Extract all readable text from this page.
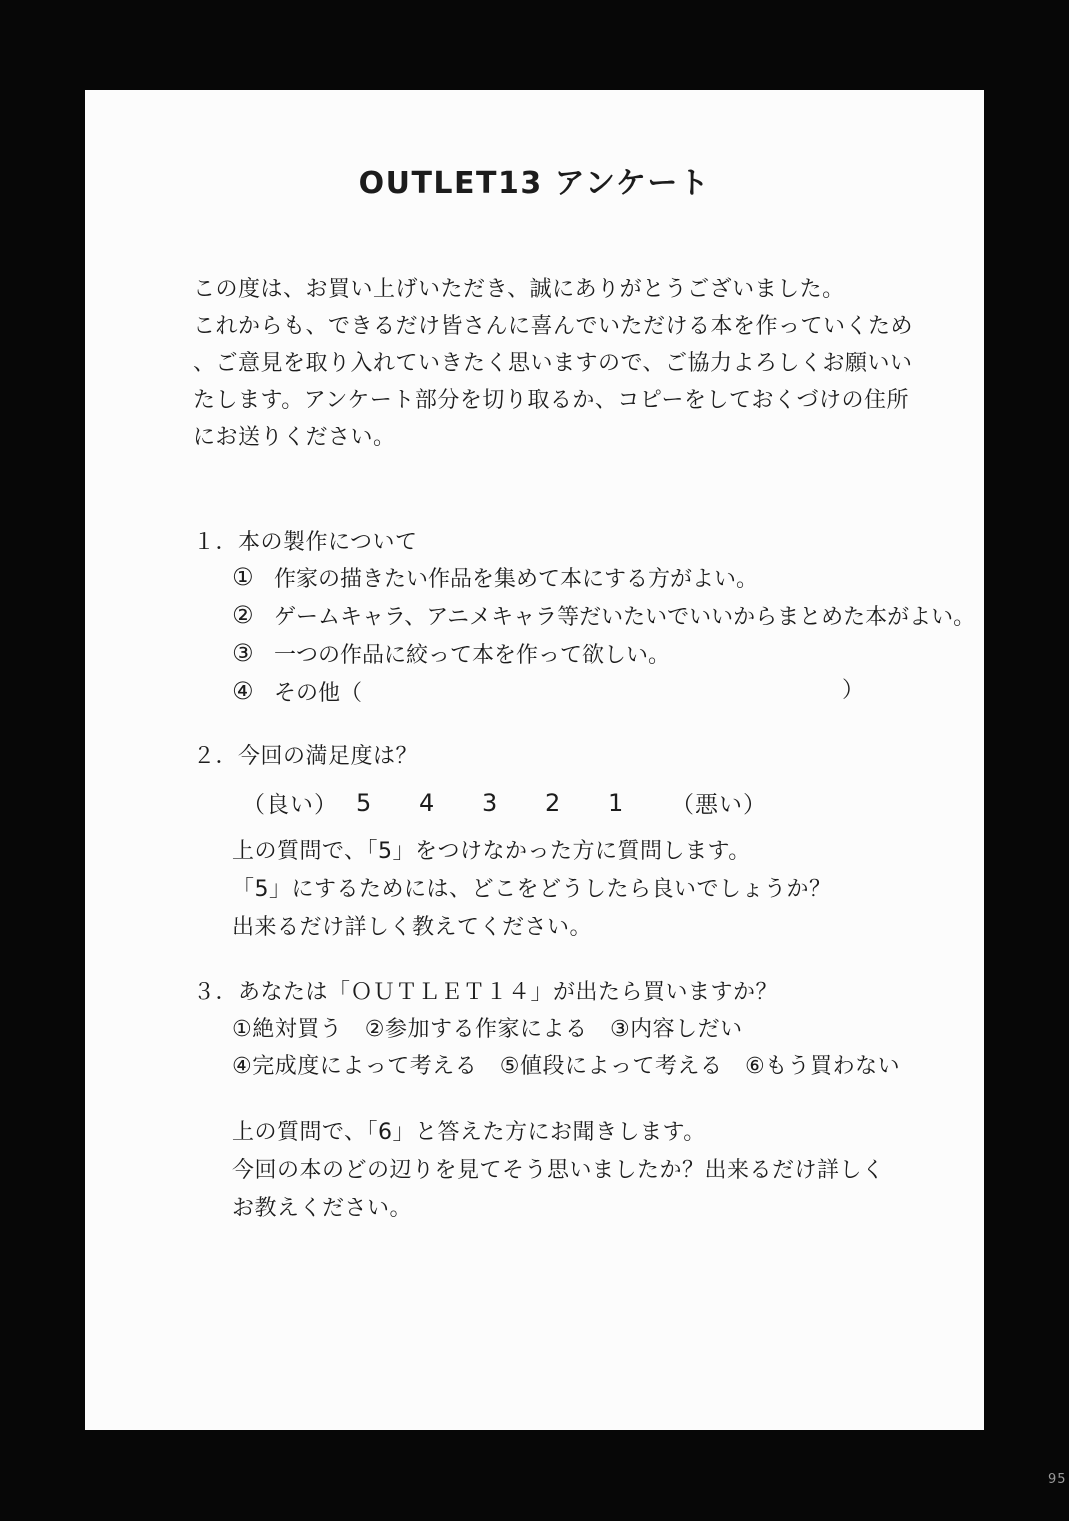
OUTLET13 アンケート
この度は、お買い上げいただき、誠にありがとうございました。
これからも、できるだけ皆さんに喜んでいただける本を作っていくため
、ご意見を取り入れていきたく思いますので、ご協力よろしくお願いい
たします。アンケート部分を切り取るか、コピーをしておくづけの住所
にお送りください。
１．本の製作について
① 作家の描きたい作品を集めて本にする方がよい。
② ゲームキャラ、アニメキャラ等だいたいでいいからまとめた本がよい。
③ 一つの作品に絞って本を作って欲しい。
④ その他（	）
２．今回の満足度は？
（良い） 5	4	3	2	1	（悪い）
上の質問で、「5」をつけなかった方に質問します。
「5」にするためには、どこをどうしたら良いでしょうか？
出来るだけ詳しく教えてください。
３．あなたは「ＯＵＴＬＥＴ１４」が出たら買いますか？
①絶対買う　②参加する作家による　③内容しだい
④完成度によって考える　⑤値段によって考える　⑥もう買わない
上の質問で、「6」と答えた方にお聞きします。
今回の本のどの辺りを見てそう思いましたか？出来るだけ詳しく
お教えください。
95
